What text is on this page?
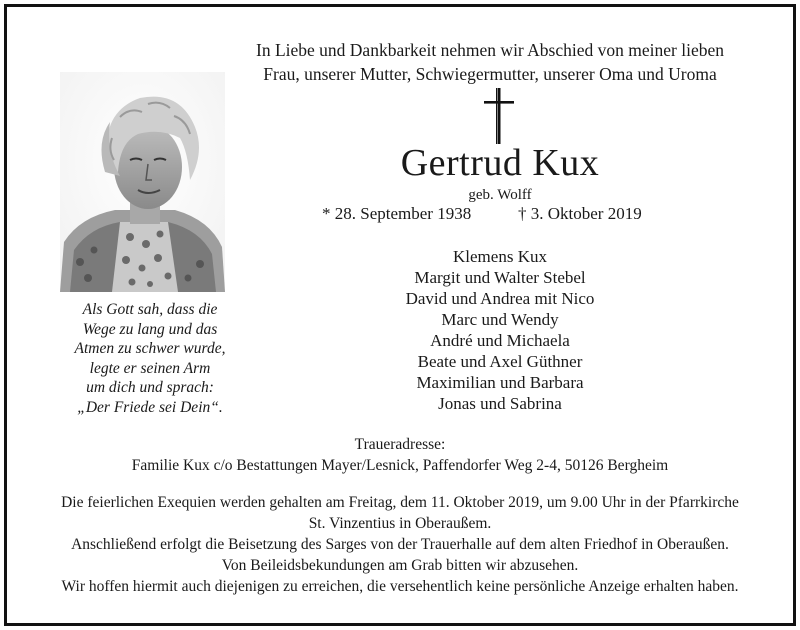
In Liebe und Dankbarkeit nehmen wir Abschied von meiner lieben
Frau, unserer Mutter, Schwiegermutter, unserer Oma und Uroma
Gertrud Kux
geb. Wolff
* 28. September 1938	† 3. Oktober 2019
Klemens Kux
Margit und Walter Stebel
David und Andrea mit Nico
Marc und Wendy
André und Michaela
Beate und Axel Güthner
Maximilian und Barbara
Jonas und Sabrina
Als Gott sah, dass die
Wege zu lang und das
Atmen zu schwer wurde,
legte er seinen Arm
um dich und sprach:
„Der Friede sei Dein“.
Traueradresse:
Familie Kux c/o Bestattungen Mayer/Lesnick, Paffendorfer Weg 2-4, 50126 Bergheim
Die feierlichen Exequien werden gehalten am Freitag, dem 11. Oktober 2019, um 9.00 Uhr in der Pfarrkirche
St. Vinzentius in Oberaußem.
Anschließend erfolgt die Beisetzung des Sarges von der Trauerhalle auf dem alten Friedhof in Oberaußen.
Von Beileidsbekundungen am Grab bitten wir abzusehen.
Wir hoffen hiermit auch diejenigen zu erreichen, die versehentlich keine persönliche Anzeige erhalten haben.
